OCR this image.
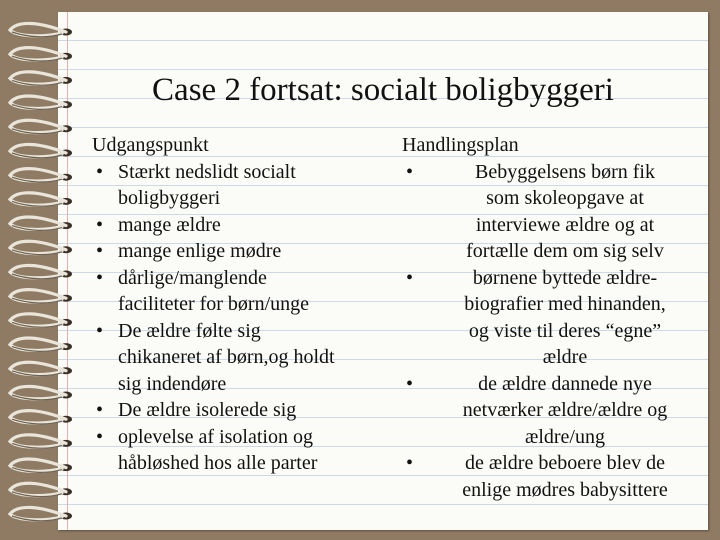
Case 2 fortsat: socialt boligbyggeri
Udgangspunkt
• Stærkt nedslidt socialt
boligbyggeri
• mange ældre
• mange enlige mødre
• dårlige/manglende
faciliteter for børn/unge
• De ældre følte sig
chikaneret af børn,og holdt
sig indendøre
• De ældre isolerede sig
• oplevelse af isolation og
håbløshed hos alle parter
Handlingsplan
•	Bebyggelsens børn fik
som skoleopgave at
interviewe ældre og at
fortælle dem om sig selv
•	børnene byttede ældre-
biografier med hinanden,
og viste til deres “egne”
ældre
•	de ældre dannede nye
netværker ældre/ældre og
ældre/ung
•	de ældre beboere blev de
enlige mødres babysittere
